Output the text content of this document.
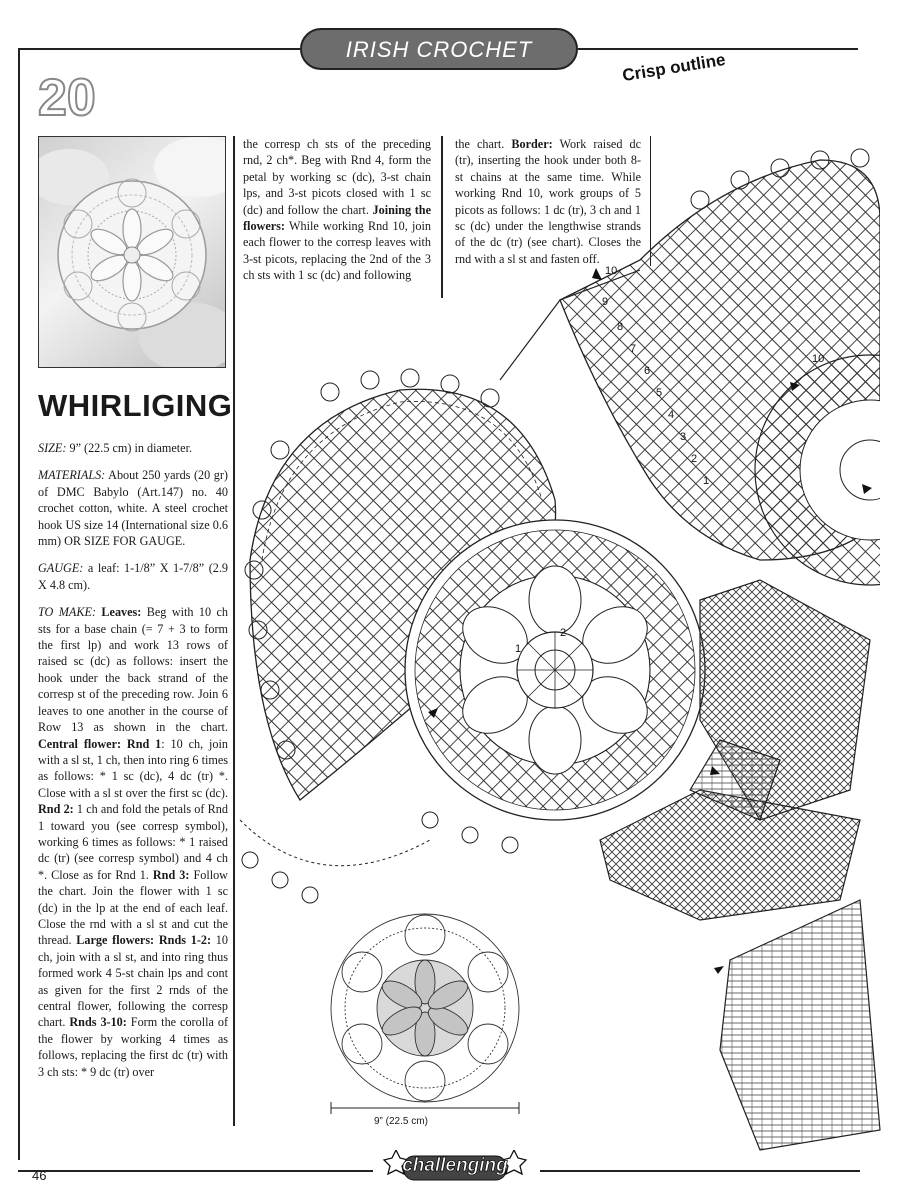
IRISH CROCHET
Crisp outline
20
WHIRLIGING

SIZE: 9” (22.5 cm) in diameter.

MATERIALS: About 250 yards (20 gr) of DMC Babylo (Art.147) no. 40 crochet cotton, white. A steel crochet hook US size 14 (International size 0.6 mm) OR SIZE FOR GAUGE.

GAUGE: a leaf: 1-1/8” X 1-7/8” (2.9 X 4.8 cm).

TO MAKE: Leaves: Beg with 10 ch sts for a base chain (= 7 + 3 to form the first lp) and work 13 rows of raised sc (dc) as follows: insert the hook under the back strand of the corresp st of the preceding row. Join 6 leaves to one another in the course of Row 13 as shown in the chart. Central flower: Rnd 1: 10 ch, join with a sl st, 1 ch, then into ring 6 times as follows: * 1 sc (dc), 4 dc (tr) *. Close with a sl st over the first sc (dc). Rnd 2: 1 ch and fold the petals of Rnd 1 toward you (see corresp symbol), working 6 times as follows: * 1 raised dc (tr) (see corresp symbol) and 4 ch *. Close as for Rnd 1. Rnd 3: Follow the chart. Join the flower with 1 sc (dc) in the lp at the end of each leaf. Close the rnd with a sl st and cut the thread. Large flowers: Rnds 1-2: 10 ch, join with a sl st, and into ring thus formed work 4 5-st chain lps and cont as given for the first 2 rnds of the central flower, following the corresp chart. Rnds 3-10: Form the corolla of the flower by working 4 times as follows, replacing the first dc (tr) with 3 ch sts: * 9 dc (tr) over

the corresp ch sts of the preceding rnd, 2 ch*. Beg with Rnd 4, form the petal by working sc (dc), 3-st chain lps, and 3-st picots closed with 1 sc (dc) and follow the chart. Joining the flowers: While working Rnd 10, join each flower to the corresp leaves with 3-st picots, replacing the 2nd of the 3 ch sts with 1 sc (dc) and following

the chart. Border: Work raised dc (tr), inserting the hook under both 8-st chains at the same time. While working Rnd 10, work groups of 5 picots as follows: 1 dc (tr), 3 ch and 1 sc (dc) under the lengthwise strands of the dc (tr) (see chart). Closes the rnd with a sl st and fasten off.

10
9
8
7
6
5
4
3
2
1
10
1
2
9” (22.5 cm)
46	challenging
